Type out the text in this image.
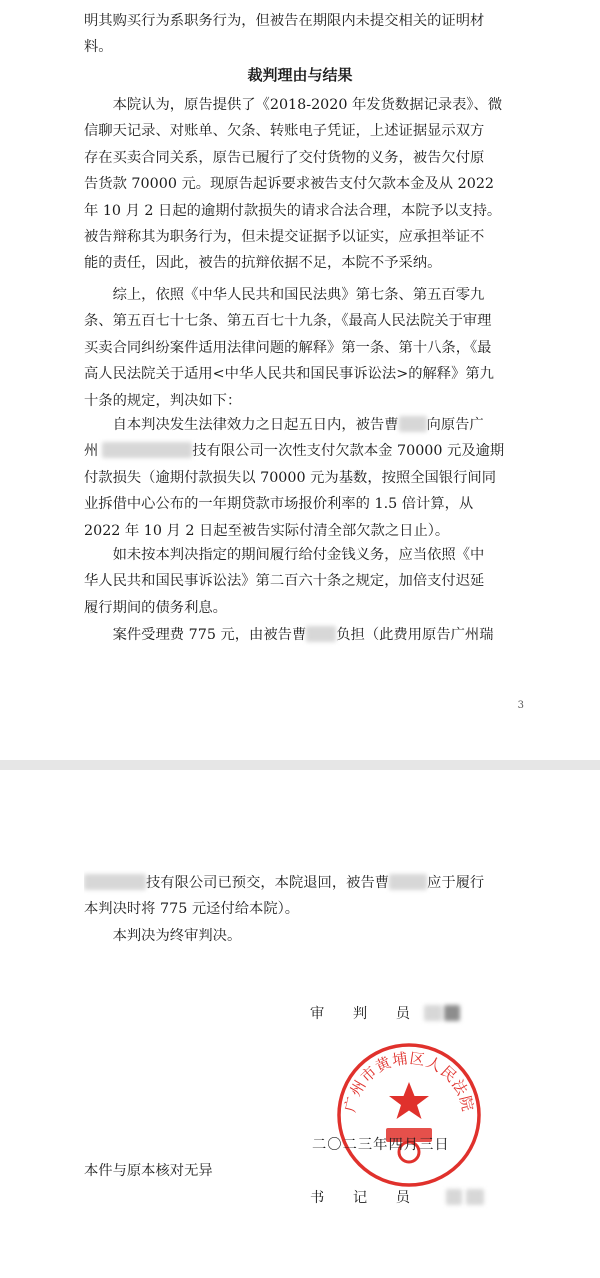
明其购买行为系职务行为，但被告在期限内未提交相关的证明材
料。
裁判理由与结果
　　本院认为，原告提供了《2018-2020 年发货数据记录表》、微
信聊天记录、对账单、欠条、转账电子凭证，上述证据显示双方
存在买卖合同关系，原告已履行了交付货物的义务，被告欠付原
告货款 70000 元。现原告起诉要求被告支付欠款本金及从 2022
年 10 月 2 日起的逾期付款损失的请求合法合理，本院予以支持。
被告辩称其为职务行为，但未提交证据予以证实，应承担举证不
能的责任，因此，被告的抗辩依据不足，本院不予采纳。
　　综上，依照《中华人民共和国民法典》第七条、第五百零九
条、第五百七十七条、第五百七十九条，《最高人民法院关于审理
买卖合同纠纷案件适用法律问题的解释》第一条、第十八条，《最
高人民法院关于适用<中华人民共和国民事诉讼法>的解释》第九
十条的规定，判决如下：
　　自本判决发生法律效力之日起五日内，被告曹 向原告广
州	技有限公司一次性支付欠款本金 70000 元及逾期
付款损失（逾期付款损失以 70000 元为基数，按照全国银行间同
业拆借中心公布的一年期贷款市场报价利率的 1.5 倍计算，从
2022 年 10 月 2 日起至被告实际付清全部欠款之日止）。
　　如未按本判决指定的期间履行给付金钱义务，应当依照《中
华人民共和国民事诉讼法》第二百六十条之规定，加倍支付迟延
履行期间的债务利息。
　　案件受理费 775 元，由被告曹 负担（此费用原告广州瑞
3
技有限公司已预交，本院退回，被告曹	应于履行
本判决时将 775 元迳付给本院）。
　　本判决为终审判决。
审　　判　　员
广州市黄埔区人民法院
二〇二三年四月三日
本件与原本核对无异
书　　记　　员
